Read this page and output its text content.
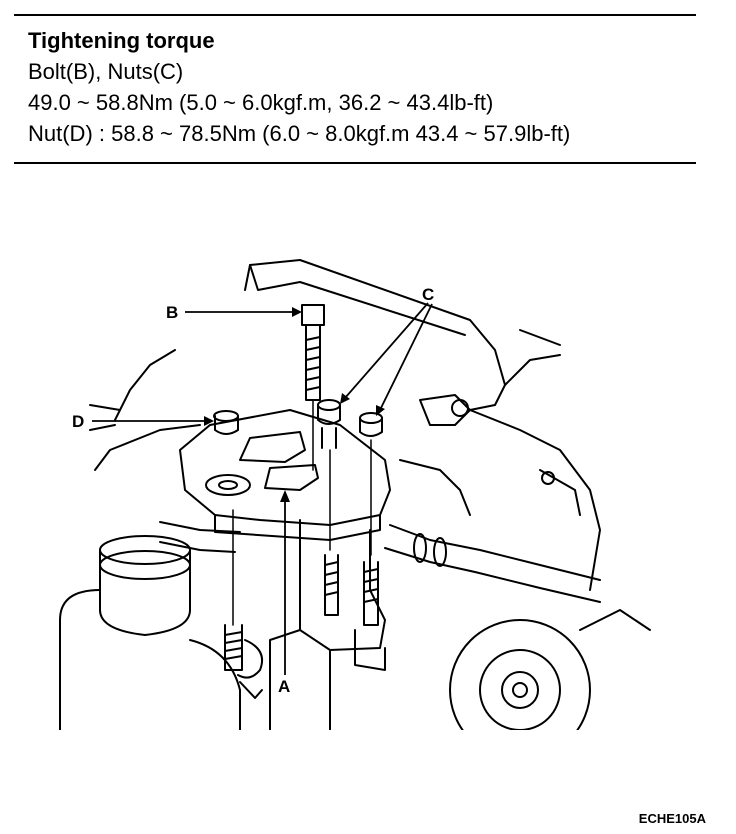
Tightening torque
Bolt(B), Nuts(C)
49.0 ~ 58.8Nm (5.0 ~ 6.0kgf.m, 36.2 ~ 43.4lb-ft)
Nut(D) : 58.8 ~ 78.5Nm (6.0 ~ 8.0kgf.m 43.4 ~ 57.9lb-ft)
B
D
C
A
ECHE105A
